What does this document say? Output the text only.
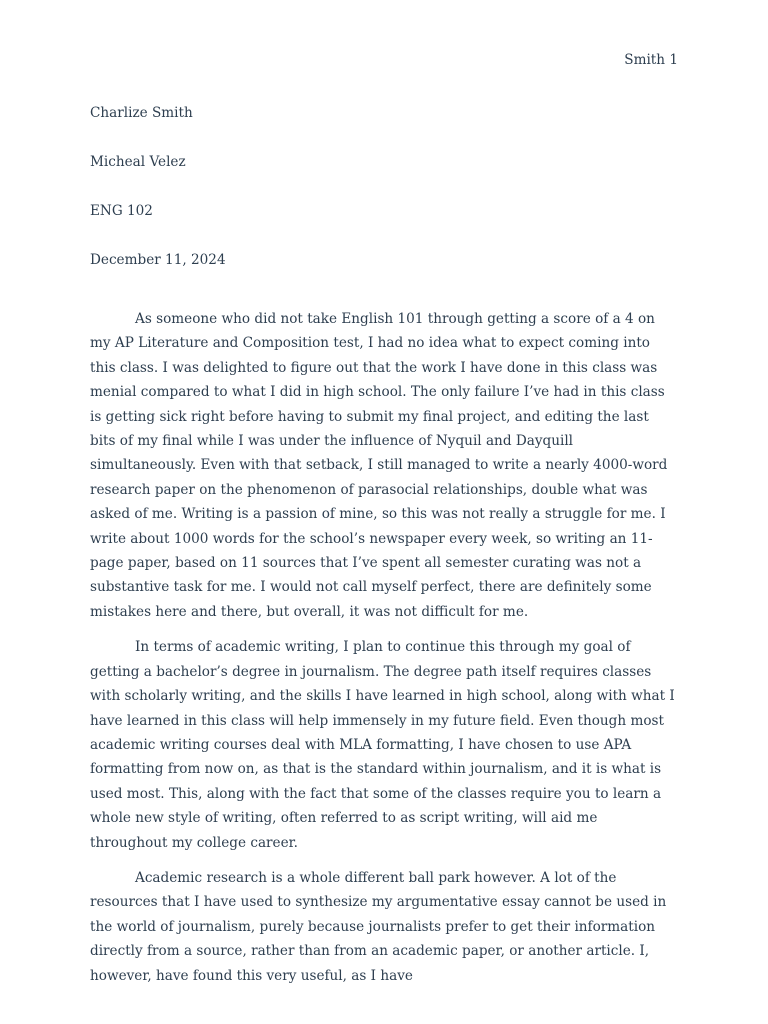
Smith 1

Charlize Smith

Micheal Velez

ENG 102

December 11, 2024

As someone who did not take English 101 through getting a score of a 4 on my AP Literature and Composition test, I had no idea what to expect coming into this class. I was delighted to figure out that the work I have done in this class was menial compared to what I did in high school. The only failure I’ve had in this class is getting sick right before having to submit my final project, and editing the last bits of my final while I was under the influence of Nyquil and Dayquill simultaneously. Even with that setback, I still managed to write a nearly 4000-word research paper on the phenomenon of parasocial relationships, double what was asked of me. Writing is a passion of mine, so this was not really a struggle for me. I write about 1000 words for the school’s newspaper every week, so writing an 11-page paper, based on 11 sources that I’ve spent all semester curating was not a substantive task for me. I would not call myself perfect, there are definitely some mistakes here and there, but overall, it was not difficult for me.

In terms of academic writing, I plan to continue this through my goal of getting a bachelor’s degree in journalism. The degree path itself requires classes with scholarly writing, and the skills I have learned in high school, along with what I have learned in this class will help immensely in my future field. Even though most academic writing courses deal with MLA formatting, I have chosen to use APA formatting from now on, as that is the standard within journalism, and it is what is used most. This, along with the fact that some of the classes require you to learn a whole new style of writing, often referred to as script writing, will aid me throughout my college career.

Academic research is a whole different ball park however. A lot of the resources that I have used to synthesize my argumentative essay cannot be used in the world of journalism, purely because journalists prefer to get their information directly from a source, rather than from an academic paper, or another article. I, however, have found this very useful, as I have
